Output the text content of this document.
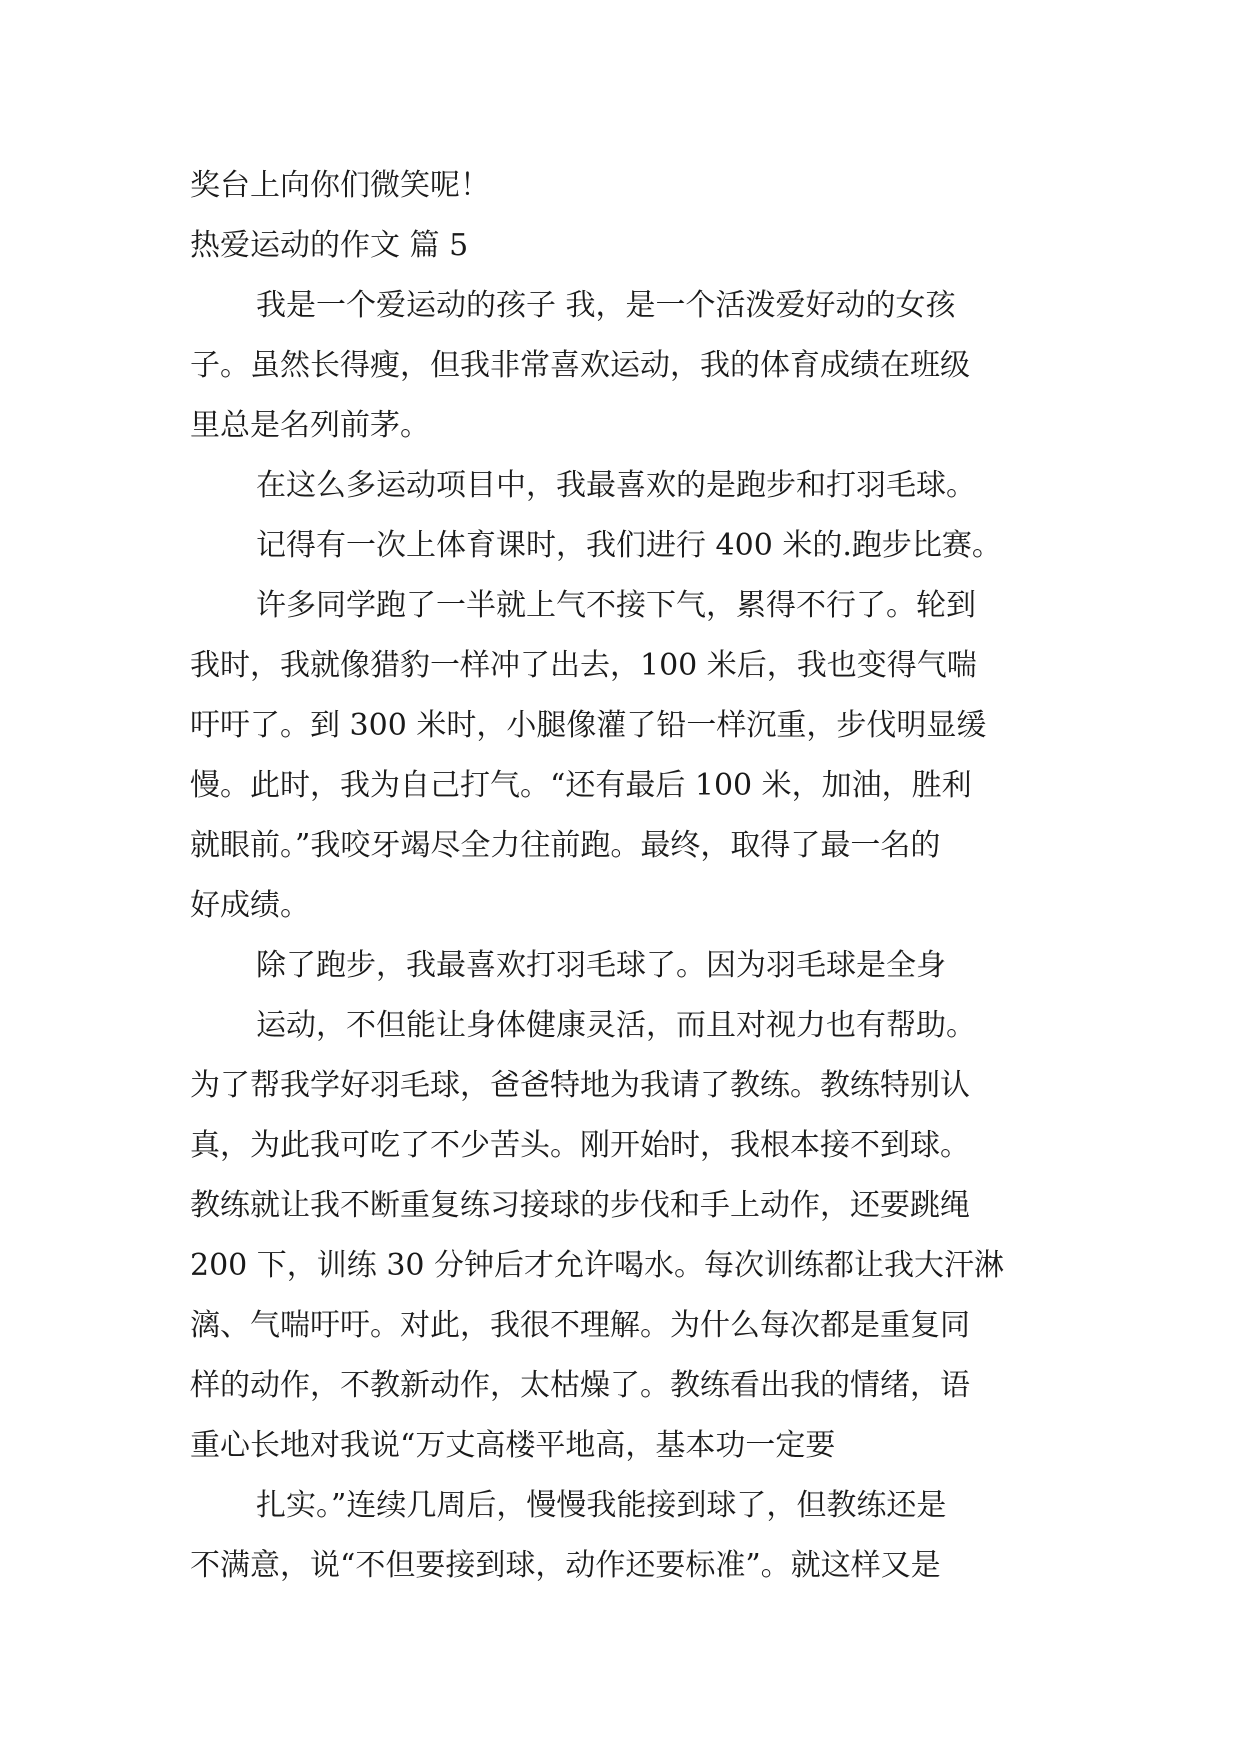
奖台上向你们微笑呢！
热爱运动的作文 篇 5
我是一个爱运动的孩子 我，是一个活泼爱好动的女孩
子。虽然长得瘦，但我非常喜欢运动，我的体育成绩在班级
里总是名列前茅。
在这么多运动项目中，我最喜欢的是跑步和打羽毛球。
记得有一次上体育课时，我们进行 400 米的.跑步比赛。
许多同学跑了一半就上气不接下气，累得不行了。轮到
我时，我就像猎豹一样冲了出去，100 米后，我也变得气喘
吁吁了。到 300 米时，小腿像灌了铅一样沉重，步伐明显缓
慢。此时，我为自己打气。“还有最后 100 米，加油，胜利
就眼前。”我咬牙竭尽全力往前跑。最终，取得了最一名的
好成绩。
除了跑步，我最喜欢打羽毛球了。因为羽毛球是全身
运动，不但能让身体健康灵活，而且对视力也有帮助。
为了帮我学好羽毛球，爸爸特地为我请了教练。教练特别认
真，为此我可吃了不少苦头。刚开始时，我根本接不到球。
教练就让我不断重复练习接球的步伐和手上动作，还要跳绳
200 下，训练 30 分钟后才允许喝水。每次训练都让我大汗淋
漓、气喘吁吁。对此，我很不理解。为什么每次都是重复同
样的动作，不教新动作，太枯燥了。教练看出我的情绪，语
重心长地对我说“万丈高楼平地高，基本功一定要
扎实。”连续几周后，慢慢我能接到球了，但教练还是
不满意，说“不但要接到球，动作还要标准”。就这样又是
